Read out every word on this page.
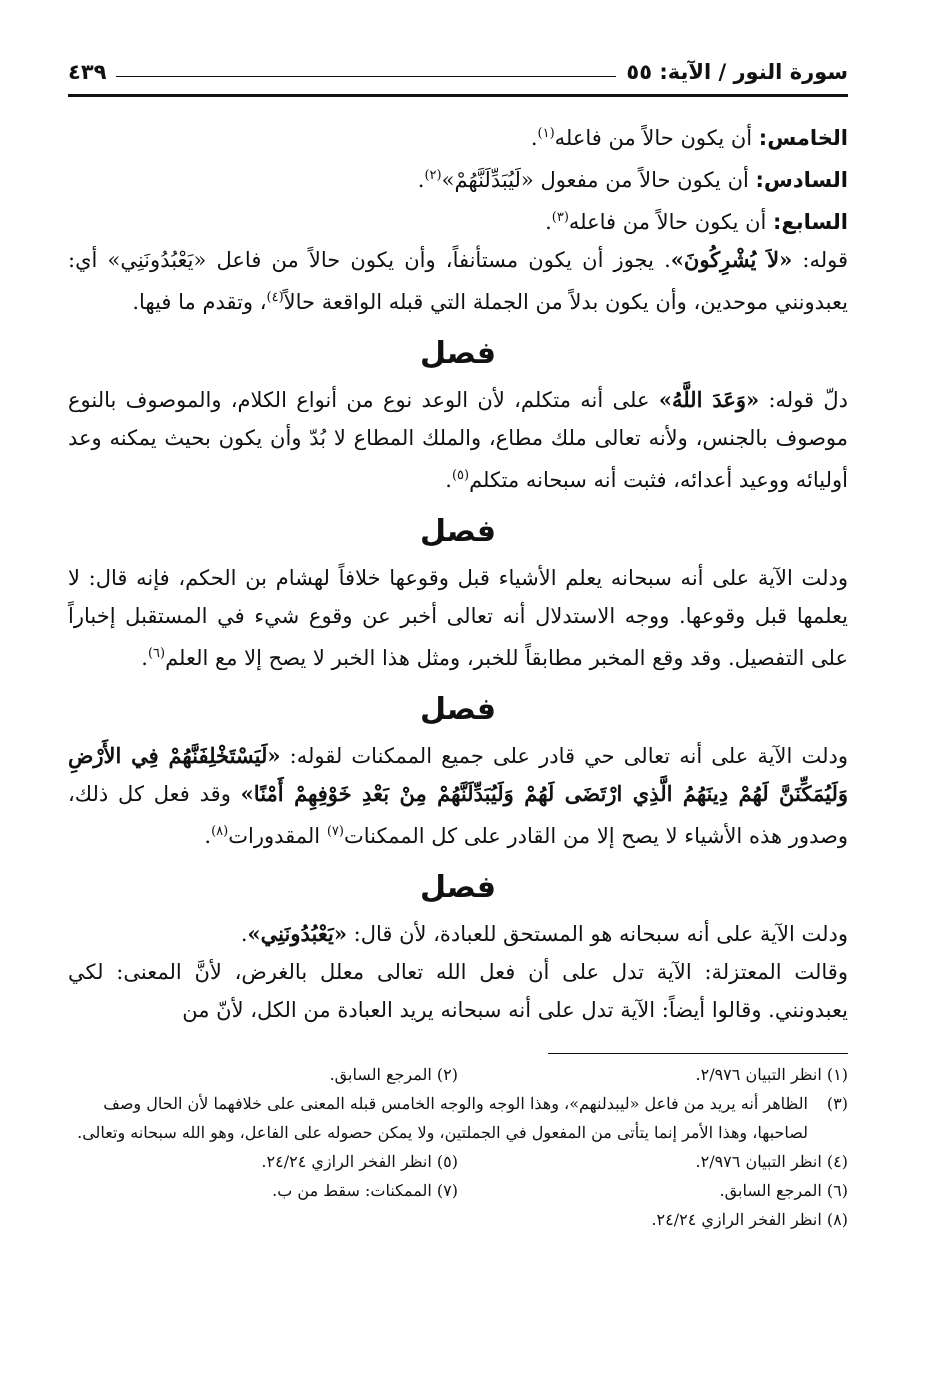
سورة النور / الآية: ٥٥
٤٣٩

الخامس: أن يكون حالاً من فاعله$^{(١)}$.

السادس: أن يكون حالاً من مفعول «لَيُبَدِّلَنَّهُمْ»$^{(٢)}$.

السابع: أن يكون حالاً من فاعله$^{(٣)}$.

قوله: «لاَ يُشْرِكُونَ». يجوز أن يكون مستأنفاً، وأن يكون حالاً من فاعل «يَعْبُدُونَنِي» أي: يعبدونني موحدين، وأن يكون بدلاً من الجملة التي قبله الواقعة حالاً$^{(٤)}$، وتقدم ما فيها.

فصل

دلّ قوله: «وَعَدَ اللَّهُ» على أنه متكلم، لأن الوعد نوع من أنواع الكلام، والموصوف بالنوع موصوف بالجنس، ولأنه تعالى ملك مطاع، والملك المطاع لا بُدّ وأن يكون بحيث يمكنه وعد أوليائه ووعيد أعدائه، فثبت أنه سبحانه متكلم$^{(٥)}$.

فصل

ودلت الآية على أنه سبحانه يعلم الأشياء قبل وقوعها خلافاً لهشام بن الحكم، فإنه قال: لا يعلمها قبل وقوعها. ووجه الاستدلال أنه تعالى أخبر عن وقوع شيء في المستقبل إخباراً على التفصيل. وقد وقع المخبر مطابقاً للخبر، ومثل هذا الخبر لا يصح إلا مع العلم$^{(٦)}$.

فصل

ودلت الآية على أنه تعالى حي قادر على جميع الممكنات لقوله: «لَيَسْتَخْلِفَنَّهُمْ فِي الأَرْضِ وَلَيُمَكِّنَنَّ لَهُمْ دِينَهُمُ الَّذِي ارْتَضَى لَهُمْ وَلَيُبَدِّلَنَّهُمْ مِنْ بَعْدِ خَوْفِهِمْ أَمْنًا» وقد فعل كل ذلك، وصدور هذه الأشياء لا يصح إلا من القادر على كل الممكنات$^{(٧)}$ المقدورات$^{(٨)}$.

فصل

ودلت الآية على أنه سبحانه هو المستحق للعبادة، لأن قال: «يَعْبُدُونَنِي».

وقالت المعتزلة: الآية تدل على أن فعل الله تعالى معلل بالغرض، لأنَّ المعنى: لكي يعبدونني. وقالوا أيضاً: الآية تدل على أنه سبحانه يريد العبادة من الكل، لأنّ من

(١) انظر التبيان ٢/٩٧٦.
(٢) المرجع السابق.
(٣)
الظاهر أنه يريد من فاعل «ليبدلنهم»، وهذا الوجه والوجه الخامس قبله المعنى على خلافهما لأن الحال وصف لصاحبها، وهذا الأمر إنما يتأتى من المفعول في الجملتين، ولا يمكن حصوله على الفاعل، وهو الله سبحانه وتعالى.
(٤) انظر التبيان ٢/٩٧٦.
(٥) انظر الفخر الرازي ٢٤/٢٤.
(٦) المرجع السابق.
(٧) الممكنات: سقط من ب.
(٨) انظر الفخر الرازي ٢٤/٢٤.
